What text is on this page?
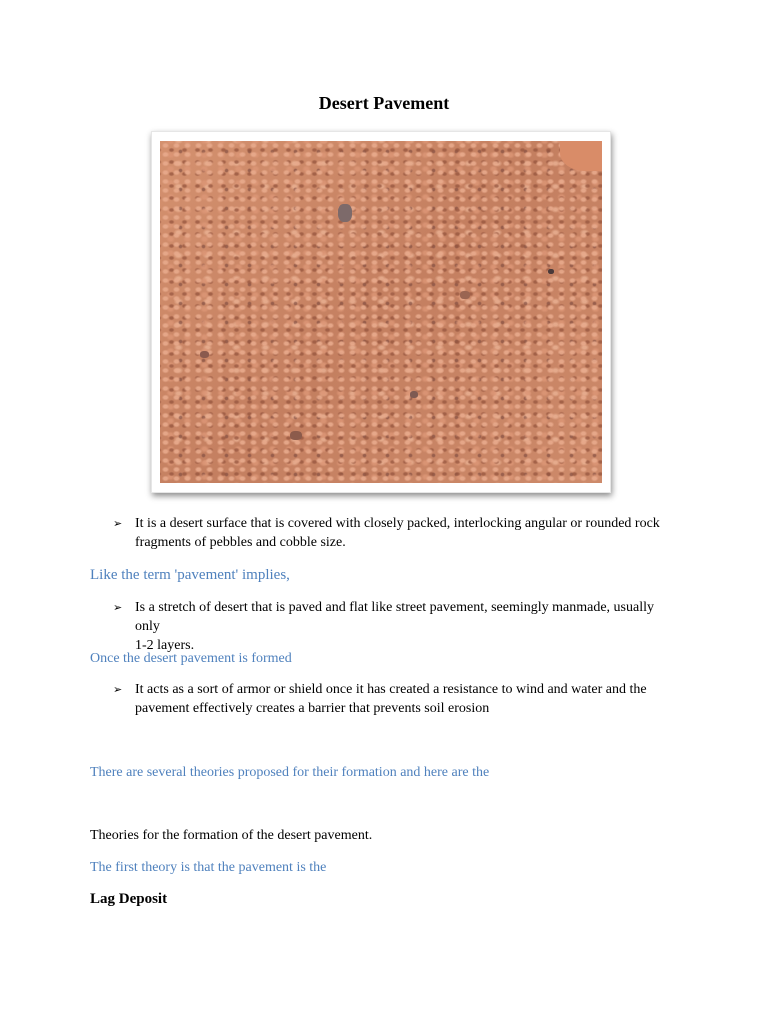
Desert Pavement
➢ It is a desert surface that is covered with closely packed, interlocking angular or rounded rock
fragments of pebbles and cobble size.
Like the term 'pavement' implies,
➢ Is a stretch of desert that is paved and flat like street pavement, seemingly manmade, usually only
1-2 layers.
Once the desert pavement is formed
➢ It acts as a sort of armor or shield once it has created a resistance to wind and water and the
pavement effectively creates a barrier that prevents soil erosion
There are several theories proposed for their formation and here are the
Theories for the formation of the desert pavement.
The first theory is that the pavement is the
Lag Deposit
